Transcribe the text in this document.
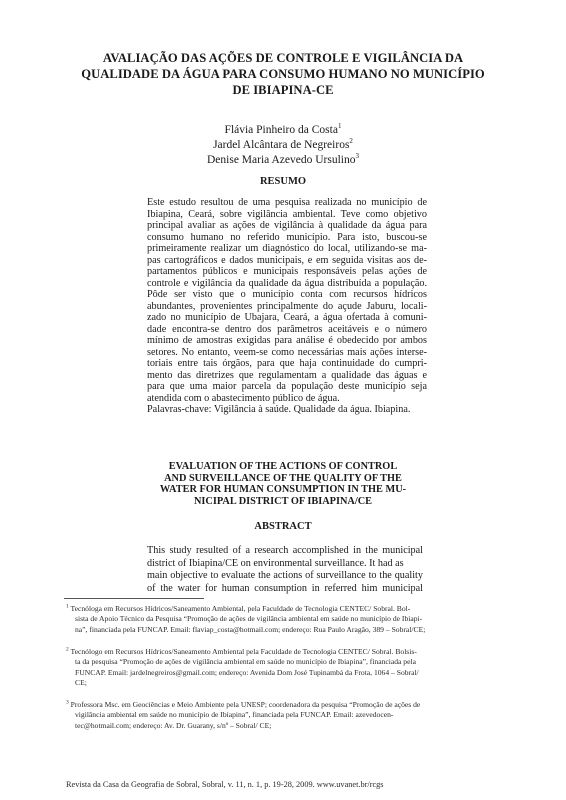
AVALIAÇÃO DAS AÇÕES DE CONTROLE E VIGILÂNCIA DA
QUALIDADE DA ÁGUA PARA CONSUMO HUMANO NO MUNICÍPIO
DE IBIAPINA-CE
Flávia Pinheiro da Costa$^1$
Jardel Alcântara de Negreiros$^2$
Denise Maria Azevedo Ursulino$^3$
RESUMO
Este estudo resultou de uma pesquisa realizada no município de
Ibiapina, Ceará, sobre vigilância ambiental. Teve como objetivo
principal avaliar as ações de vigilância à qualidade da água para
consumo humano no referido município. Para isto, buscou-se
primeiramente realizar um diagnóstico do local, utilizando-se ma-
pas cartográficos e dados municipais, e em seguida visitas aos de-
partamentos públicos e municipais responsáveis pelas ações de
controle e vigilância da qualidade da água distribuída a população.
Pôde ser visto que o município conta com recursos hídricos
abundantes, provenientes principalmente do açude Jaburu, locali-
zado no município de Ubajara, Ceará, a água ofertada à comuni-
dade encontra-se dentro dos parâmetros aceitáveis e o número
mínimo de amostras exigidas para análise é obedecido por ambos
setores. No entanto, veem-se como necessárias mais ações interse-
toriais entre tais órgãos, para que haja continuidade do cumpri-
mento das diretrizes que regulamentam a qualidade das águas e
para que uma maior parcela da população deste município seja
atendida com o abastecimento público de água.
Palavras-chave: Vigilância à saúde. Qualidade da água. Ibiapina.
EVALUATION OF THE ACTIONS OF CONTROL
AND SURVEILLANCE OF THE QUALITY OF THE
WATER FOR HUMAN CONSUMPTION IN THE MU-
NICIPAL DISTRICT OF IBIAPINA/CE
ABSTRACT
This study resulted of a research accomplished in the municipal
district of Ibiapina/CE on environmental surveillance. It had as
main objective to evaluate the actions of surveillance to the quality
of the water for human consumption in referred him municipal
$^1$ Tecnóloga em Recursos Hídricos/Saneamento Ambiental, pela Faculdade de Tecnologia CENTEC/ Sobral. Bol-
sista de Apoio Técnico da Pesquisa “Promoção de ações de vigilância ambiental em saúde no município de Ibiapi-
na”, financiada pela FUNCAP. Email: flaviap_costa@hotmail.com; endereço: Rua Paulo Aragão, 389 – Sobral/CE;
$^2$ Tecnólogo em Recursos Hídricos/Saneamento Ambiental pela Faculdade de Tecnologia CENTEC/ Sobral. Bolsis-
ta da pesquisa “Promoção de ações de vigilância ambiental em saúde no município de Ibiapina”, financiada pela
FUNCAP. Email: jardelnegreiros@gmail.com; endereço: Avenida Dom José Tupinambá da Frota, 1064 – Sobral/
CE;
$^3$ Professora Msc. em Geociências e Meio Ambiente pela UNESP; coordenadora da pesquisa “Promoção de ações de
vigilância ambiental em saúde no município de Ibiapina”, financiada pela FUNCAP. Email: azevedocen-
tec@hotmail.com; endereço: Av. Dr. Guarany, s/nº – Sobral/ CE;
Revista da Casa da Geografia de Sobral, Sobral, v. 11, n. 1, p. 19-28, 2009. www.uvanet.br/rcgs
